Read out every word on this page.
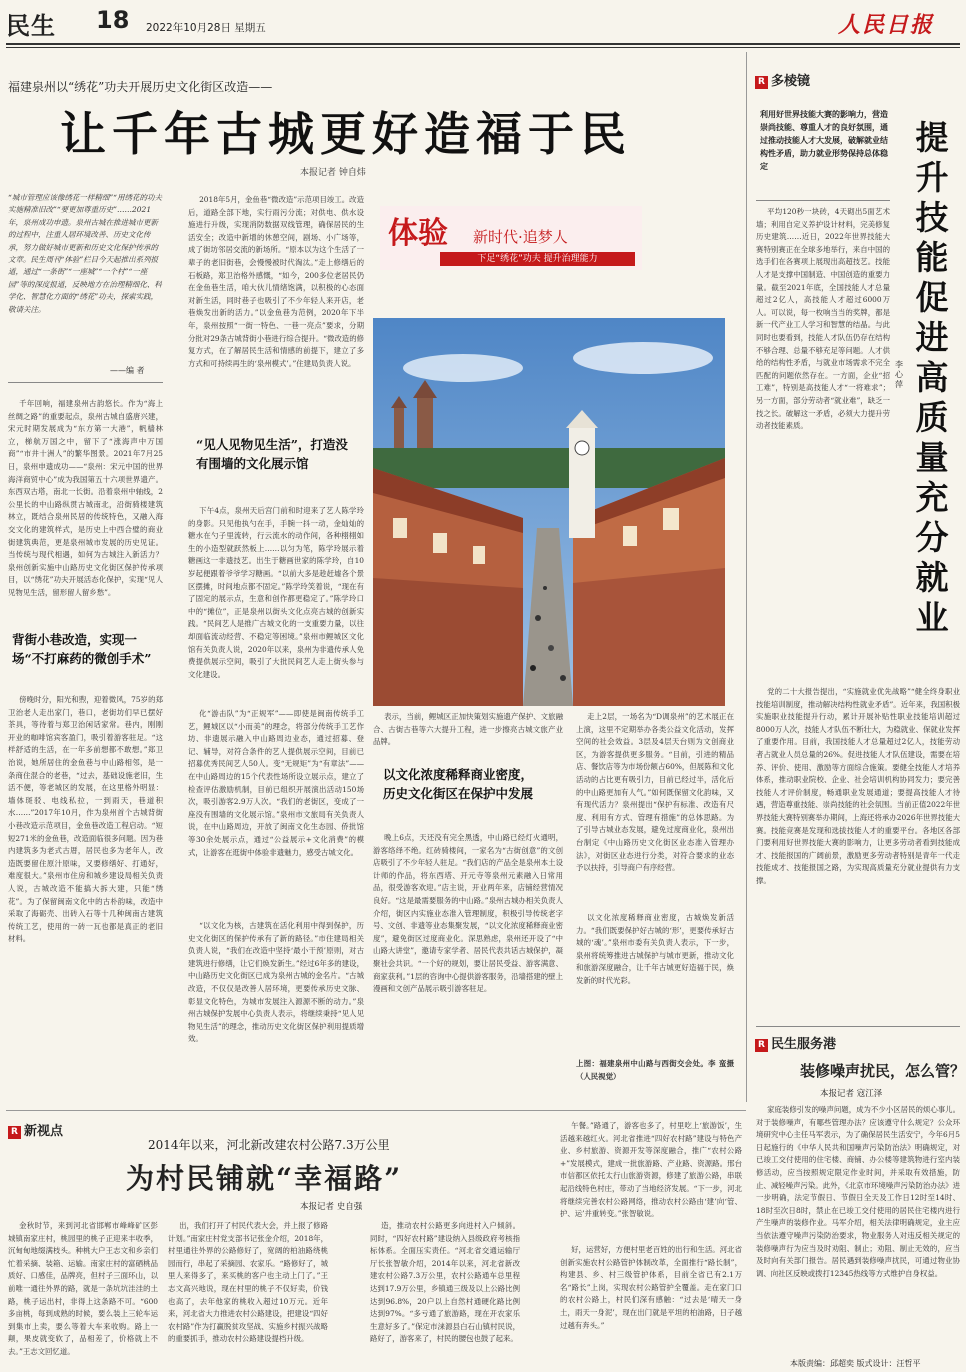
民生 18 2022年10月28日 星期五	人民日报
福建泉州以“绣花”功夫开展历史文化街区改造——
让千年古城更好造福于民
本报记者 钟自炜
“城市管理应该像绣花一样精细”“用绣花的功夫实施精准旧改”“要更加尊重历史”……2021年，泉州成功申遗。泉州古城在推进城市更新的过程中，注重人居环境改善、历史文化传承，努力做好城市更新和历史文化保护传承的文章。民生周刊“体验”栏目今天起推出系列报道，通过“一条街”“一座城”“一个村”“一座园”等的深度报道，反映地方在治理精细化、科学化、智慧化方面的“绣花”功夫，探索实践，敬请关注。
——编 者

千年回响，福建泉州古韵悠长。作为“海上丝绸之路”的重要起点，泉州古城自盛唐兴建，宋元时期发展成为“东方第一大港”，帆樯林立，梯航万国之中，留下了“涨海声中万国商”“市井十洲人”的繁华图景。2021年7月25日，泉州申遗成功——“泉州：宋元中国的世界海洋商贸中心”成为我国第五十六项世界遗产。东西双古塔，南北一长街。沿着泉州中轴线，2公里长的中山路纵贯古城南北，沿街骑楼建筑林立，既结合泉州民居的传统特色，又融入海交文化的建筑样式，是历史上中西合璧的商业街建筑典范，更是泉州城市发展的历史见证。当传统与现代相遇，如何为古城注入新活力？泉州创新实施中山路历史文化街区保护传承项目，以“绣花”功夫开展活态化保护，实现“见人见物见生活，留形留人留乡愁”。

背街小巷改造，实现一场“不打麻药的微创手术”

傍晚时分，阳光和煦，迎着微风，75岁的郑卫治老人走出家门，巷口，老街坊们早已摆好茶具，等待着与郑卫治闲话家常。巷内，刚刚开业的咖啡馆宾客盈门，吸引着游客驻足。“这样舒适的生活，在一年多前想都不敢想。”郑卫治说，她所居住的金鱼巷与中山路相邻，是一条商住混合的老巷，“过去，基础设施老旧，生活不便，等老城区的发展，在这里格外明显：墙体斑驳、电线私拉，一到雨天，巷道积水……”2017年10月，作为泉州首个古城背街小巷改造示范项目，金鱼巷改造工程启动。“短短271米的金鱼巷，改造面临很多问题。因为巷内建筑多为老式古厝，居民也多为老年人，改造既要留住原汁原味，又要修缮好、打通好，难度很大。”泉州市住房和城乡建设局相关负责人说，古城改造不能搞大拆大建，只能“绣花”。为了保留闽南文化中的古朴韵味，改造中采取了海砺壳、出砖入石等十几种闽南古建筑传统工艺，使用的一砖一瓦也都是真正的老旧材料。

2018年5月，金鱼巷“微改造”示范项目竣工。改造后，道路全部下地，实行雨污分流；对供电、供水设施进行升级，实现消防数据双线管理，确保居民的生活安全；改造中新增的休憩空间，剧场、小广场等，成了街坊邻居交流的新场所。“原本以为这个生活了一辈子的老旧街巷，会慢慢被时代淘汰。”走上修缮后的石板路，郑卫治格外感慨，“如今，200多位老居民仍在金鱼巷生活，咱大伙儿情绪饱满，以积极的心态面对新生活，同时巷子也吸引了不少年轻人来开店，老巷焕发出新的活力。”以金鱼巷为范例，2020年下半年，泉州按照“一街一特色、一巷一亮点”要求，分期分批对29条古城背街小巷进行综合提升。“微改造的修复方式，在了解居民生活和情感的前提下，建立了多方式和可持续再生的‘泉州模式’。”住建局负责人说。

“见人见物见生活”，打造没有围墙的文化展示馆

下午4点，泉州天后宫门前和时迎来了艺人陈学玲的身影。只见他执勺在手，手腕一抖一动，金灿灿的糖水在勺子里流转，行云流水的动作间，各种栩栩如生的小造型就跃然板上……以匀为笔，陈学玲展示着糖画这一非遗技艺。出生于糖画世家的陈学玲，自10岁起便跟着爷爷学习糖画。“以前大多是趁赶墟各个景区摆摊，时间地点都不固定。”陈学玲笑着说，“现在有了固定的展示点，生意和创作都更稳定了。”陈学玲口中的“摊位”，正是泉州以街头文化点亮古城的创新实践。“民间艺人是推广古城文化的一支重要力量，以往却面临流动经营、不稳定等困境。”泉州市鲤城区文化馆有关负责人说，2020年以来，泉州为非遗传承人免费提供展示空间，吸引了大批民间艺人走上街头参与文化建设。

化“游击队”为“正规军”——即使是闽南传统手工艺，鲤城区以“小而美”的理念，将部分传统手工艺作坊、非遗展示融入中山路周边业态，通过招募、登记、辅导，对符合条件的艺人提供展示空间，目前已招募优秀民间艺人50人。变“无规矩”为“有章法”——在中山路周边的15个代表性场所设立展示点，建立了检查评估激励机制，目前已组织开展演出活动150场次，吸引游客2.9万人次。“我们的老街区，变成了一座没有围墙的文化展示馆。”泉州市文旅局有关负责人说，在中山路周边，开放了闽南文化生态园、侨批馆等30余处展示点，通过“公益展示+文化消费”的模式，让游客在逛街中体验非遗魅力，感受古城文化。

“以文化为核，古建筑在活化利用中得到保护，历史文化街区的保护传承有了新的路径。”市住建局相关负责人说，“我们在改造中坚持‘最小干预’原则，对古建筑进行修缮，让它们焕发新生。”经过6年多的建设，中山路历史文化街区已成为泉州古城的金名片。“古城改造，不仅仅是改善人居环境，更要传承历史文脉、彰显文化特色，为城市发展注入源源不断的动力。”泉州古城保护发展中心负责人表示，将继续秉持“见人见物见生活”的理念，推动历史文化街区保护利用提质增效。

体验 新时代·追梦人
下足“绣花”功夫 提升治理能力

表示，当前，鲤城区正加快策划实施遗产保护、文旅融合、古街古巷等六大提升工程，进一步擦亮古城文旅产业品牌。

以文化浓度稀释商业密度，历史文化街区在保护中发展

晚上6点，天还没有完全黑透，中山路已经灯火通明，游客络绎不绝。红砖骑楼间，一家名为“古街创意”的文创店吸引了不少年轻人驻足。“我们店的产品全是泉州本土设计师的作品，将东西塔、开元寺等泉州元素融入日常用品，很受游客欢迎。”店主说，开业两年来，店铺经营情况良好。“这是最需要服务的中山路。”泉州古城办相关负责人介绍，街区内实施业态准入管理制度，积极引导传统老字号、文创、非遗等业态集聚发展，“以文化浓度稀释商业密度”，避免街区过度商业化。深思熟虑，泉州还开设了“中山路大讲堂”，邀请专家学者、居民代表共话古城保护，凝聚社会共识。“一个好的规划，要让居民受益、游客满意、商家获利。”1层的咨询中心提供游客服务，沿墙搭建的壁上漫画和文创产品展示吸引游客驻足。

走上2层，一场名为“D调泉州”的艺术展正在上演，这里不定期举办各类公益文化活动，发挥空间的社会效益。3层及4层天台则为文创商业区，为游客提供更多服务。“目前，引进的精品店、餐饮店等为市场份额占60%，但展陈和文化活动的占比更有吸引力，目前已经过半，活化后的中山路更加有人气。”如何既保留文化韵味，又有现代活力？泉州提出“保护有标准、改造有尺度、利用有方式、管理有措施”的总体思路。为了引导古城业态发展，避免过度商业化，泉州出台制定《中山路历史文化街区业态准入管理办法》，对街区业态进行分类，对符合要求的业态予以扶持，引导商户有序经营。

以文化浓度稀释商业密度，古城焕发新活力。“我们既要保护好古城的‘形’，更要传承好古城的‘魂’。”泉州市委有关负责人表示，下一步，泉州将统筹推进古城保护与城市更新，推动文化和旅游深度融合，让千年古城更好造福于民，焕发新的时代光彩。

上图：福建泉州中山路与西街交会处。李 蛮摄（人民视觉）
R 多棱镜
利用好世界技能大赛的影响力，营造崇尚技能、尊重人才的良好氛围，通过推动技能人才大发展，破解就业结构性矛盾，助力就业形势保持总体稳定
提升技能促进高质量充分就业
李心萍

平均120秒一块砖，4天砌出5面艺术墙；利用自定义养护设计材料，完美修复历史建筑……近日，2022年世界技能大赛特别赛正在全球多地举行，来自中国的选手们在各赛项上展现出高超技艺。技能人才是支撑中国制造、中国创造的重要力量。截至2021年底，全国技能人才总量超过2亿人，高技能人才超过6000万人。可以说，每一枚响当当的奖牌，都是新一代产业工人学习和智慧的结晶。与此同时也要看到，技能人才队伍仍存在结构不够合理、总量不够充足等问题。人才供给的结构性矛盾，与就业市场需求不完全匹配的问题依然存在。一方面，企业“招工难”，特别是高技能人才“一将难求”；另一方面，部分劳动者“就业难”，缺乏一技之长。破解这一矛盾，必须大力提升劳动者技能素质。

党的二十大报告提出，“实施就业优先战略”“健全终身职业技能培训制度，推动解决结构性就业矛盾”。近年来，我国积极实施职业技能提升行动，累计开展补贴性职业技能培训超过8000万人次，技能人才队伍不断壮大，为稳就业、保就业发挥了重要作用。目前，我国技能人才总量超过2亿人，技能劳动者占就业人员总量的26%。促进技能人才队伍建设，需要在培养、评价、使用、激励等方面综合施策。要健全技能人才培养体系，推动职业院校、企业、社会培训机构协同发力；要完善技能人才评价制度，畅通职业发展通道；要提高技能人才待遇，营造尊重技能、崇尚技能的社会氛围。当前正值2022年世界技能大赛特别赛举办期间，上海还将承办2026年世界技能大赛。技能竞赛是发现和选拔技能人才的重要平台。各地区各部门要利用好世界技能大赛的影响力，让更多劳动者看到技能成才、技能报国的广阔前景，激励更多劳动者特别是青年一代走技能成才、技能报国之路，为实现高质量充分就业提供有力支撑。

R 民生服务港
装修噪声扰民，怎么管？
本报记者 寇江泽

家庭装修引发的噪声问题，成为不少小区居民的烦心事儿。对于装修噪声，有哪些管理办法？应该遵守什么规定？公众环境研究中心主任马军表示，为了确保居民生活安宁，今年6月5日起施行的《中华人民共和国噪声污染防治法》明确规定，对已竣工交付使用的住宅楼、商铺、办公楼等建筑物进行室内装修活动，应当按照规定限定作业时间，并采取有效措施，防止、减轻噪声污染。此外，《北京市环境噪声污染防治办法》进一步明确，法定节假日、节假日全天及工作日12时至14时、18时至次日8时，禁止在已竣工交付使用的居民住宅楼内进行产生噪声的装修作业。马军介绍，相关法律明确规定，业主应当依法遵守噪声污染防治要求，物业服务人对违反相关规定的装修噪声行为应当及时劝阻、制止；劝阻、制止无效的，应当及时向有关部门报告。居民遇到装修噪声扰民，可通过物业协调、向社区反映或拨打12345热线等方式维护自身权益。

本版责编：邱超奕 版式设计：汪哲平
R 新视点
2014年以来，河北新改建农村公路7.3万公里
为村民铺就“幸福路”
本报记者 史自强

金秋时节，来到河北省邯郸市峰峰矿区彭城镇南家庄村，桃园里的桃子正迎来丰收季，沉甸甸地缀满枝头。种桃大户王志文和乡亲们忙着采摘、装箱、运输。南家庄村的富硒桃品质好、口感佳，品牌亮，但村子三面环山，以前唯一通往外界的路，就是一条坑坑洼洼的土路，桃子运出村，非得上这条路不可。“600多亩桃，每到成熟的时候，要么装上三轮车运到集市上卖，要么等着大车来收购。路上一颠，果皮就变软了，品相差了，价格就上不去。”王志文回忆道。

出，我们打开了村民代表大会，并上报了修路计划。”南家庄村党支部书记张金介绍，2018年，村里通往外界的公路修好了，宽阔的柏油路绕桃园而行，串起了采摘园、农家乐。“路修好了，城里人来得多了，来买桃的客户也主动上门了。”王志文高兴地说，现在村里的桃子不仅好卖，价钱也高了，去年他家的桃收入超过10万元。近年来，河北省大力推进农村公路建设，把建设“四好农村路”作为打赢脱贫攻坚战、实施乡村振兴战略的重要抓手，推动农村公路建设提档升级。

造，推动农村公路更多向进村入户倾斜。同时，“四好农村路”建设纳入县级政府考核指标体系。全面压实责任。“河北省交通运输厅厅长张智敏介绍，2014年以来，河北省新改建农村公路7.3万公里，农村公路通车总里程达到17.9万公里，乡镇通三级及以上公路比例达到96.8%，20户以上自然村通硬化路比例达到97%。“多亏通了旅游路，现在开农家乐生意好多了。”保定市涞源县白石山镇村民说，路好了，游客来了，村民的腰包也鼓了起来。

午餐。”路通了，游客也多了，村里吃上‘旅游饭’，生活越来越红火。河北省推进“四好农村路”建设与特色产业、乡村旅游、资源开发等深度融合，推广“农村公路+”发展模式，建成一批旅游路、产业路、资源路。邢台市信都区依托太行山旅游资源，修建了旅游公路，串联起沿线特色村庄，带动了当地经济发展。“下一步，河北将继续完善农村公路网络，推动农村公路由‘建’向‘管、护、运’并重转变。”张智敏说。

好，运营好，方便村里老百姓的出行和生活。河北省创新实施农村公路管护体制改革，全面推行“路长制”，构建县、乡、村三级管护体系，目前全省已有2.1万名“路长”上岗，实现农村公路管护全覆盖。走在家门口的农村公路上，村民们深有感触：“过去是‘晴天一身土，雨天一身泥’，现在出门就是平坦的柏油路，日子越过越有奔头。”
